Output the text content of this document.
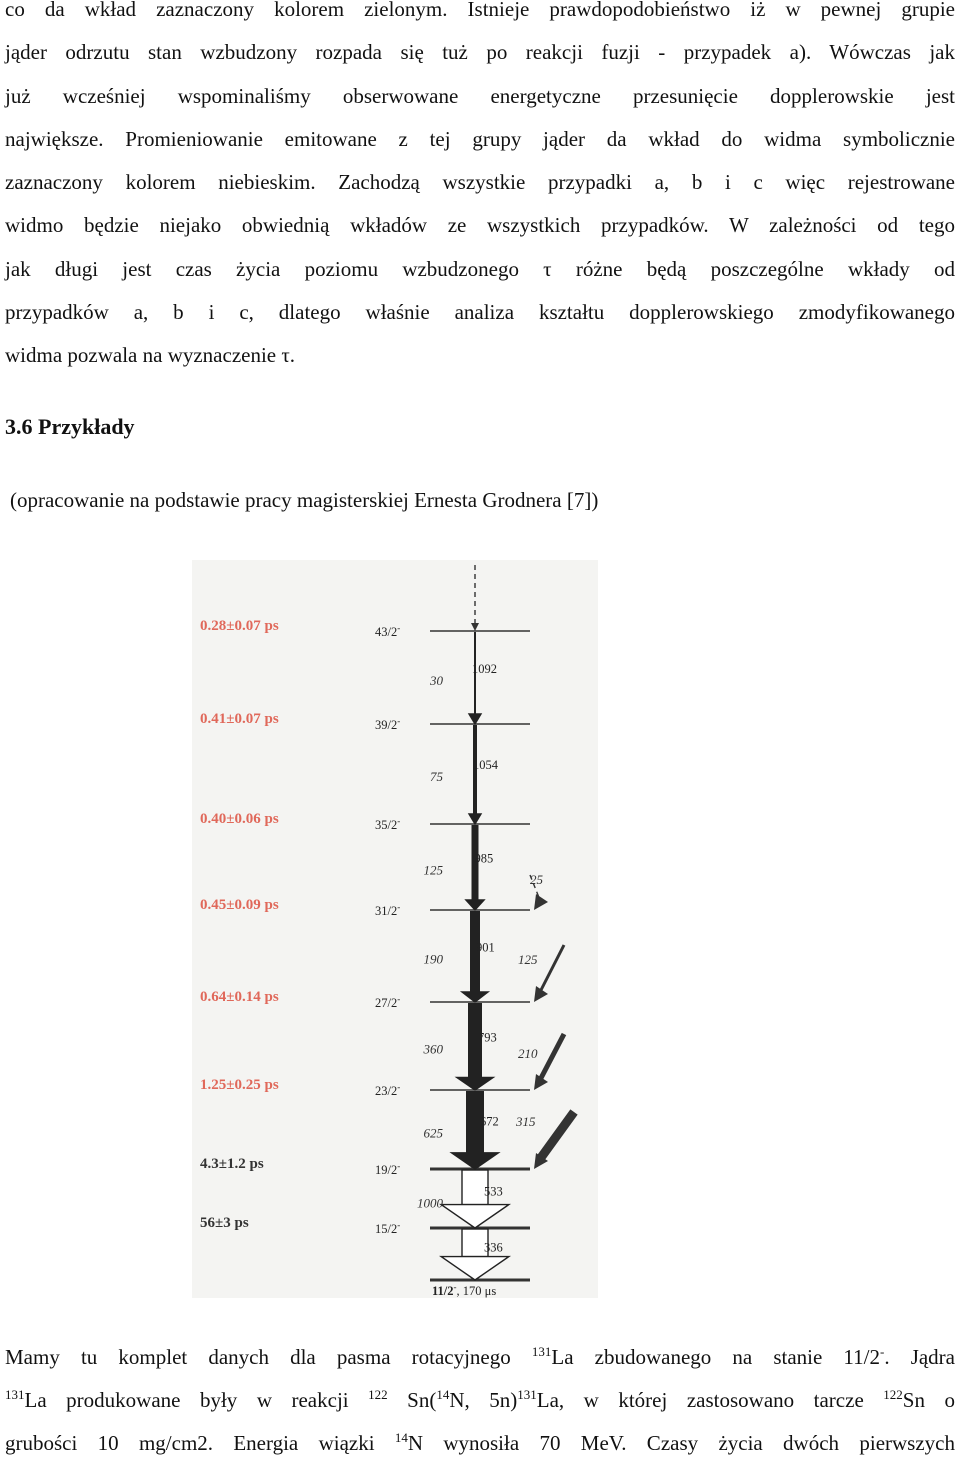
co da wkład zaznaczony kolorem zielonym. Istnieje prawdopodobieństwo iż w pewnej grupie
jąder odrzutu stan wzbudzony rozpada się tuż po reakcji fuzji - przypadek a). Wówczas jak
już wcześniej wspominaliśmy obserwowane energetyczne przesunięcie dopplerowskie jest
największe. Promieniowanie emitowane z tej grupy jąder da wkład do widma symbolicznie
zaznaczony kolorem niebieskim. Zachodzą wszystkie przypadki a, b i c więc rejestrowane
widmo będzie niejako obwiednią wkładów ze wszystkich przypadków. W zależności od tego
jak długi jest czas życia poziomu wzbudzonego τ różne będą poszczególne wkłady od
przypadków a, b i c, dlatego właśnie analiza kształtu dopplerowskiego zmodyfikowanego
widma pozwala na wyznaczenie τ.
3.6 Przykłady
(opracowanie na podstawie pracy magisterskiej Ernesta Grodnera [7])
0.28±0.07 ps
0.41±0.07 ps
0.40±0.06 ps
0.45±0.09 ps
0.64±0.14 ps
1.25±0.25 ps
4.3±1.2 ps
56±3 ps
43/2-
39/2-
35/2-
31/2-
27/2-
23/2-
19/2-
15/2-
11/2-, 170 μs
1092
30
1054
75
985
125
901
190
793
360
672
625
533
1000
336
25
125
210
315
Mamy tu komplet danych dla pasma rotacyjnego $^{131}$La zbudowanego na stanie 11/2-. Jądra
$^{131}$La produkowane były w reakcji $^{122}$ Sn($^{14}$N, 5n)$^{131}$La, w której zastosowano tarcze $^{122}$Sn o
grubości 10 mg/cm2. Energia wiązki $^{14}$N wynosiła 70 MeV. Czasy życia dwóch pierwszych
